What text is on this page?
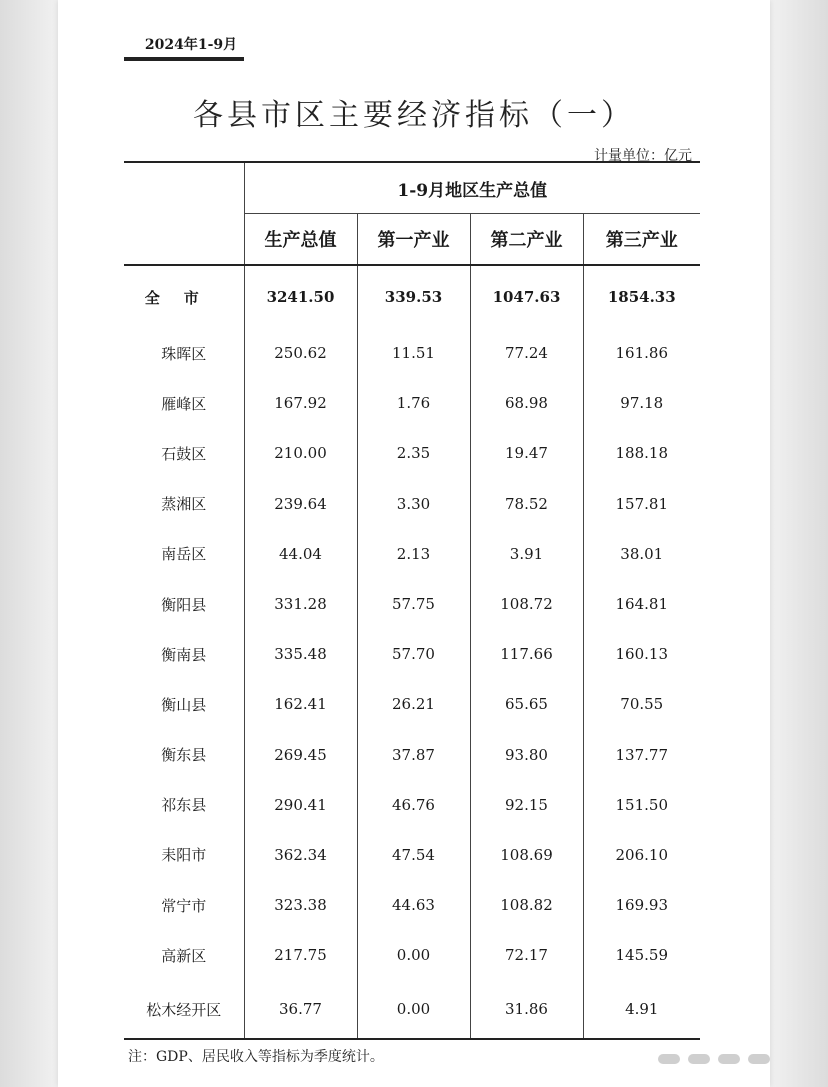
2024年1-9月
各县市区主要经济指标（一）
计量单位：亿元
	1-9月地区生产总值			
	生产总值	第一产业	第二产业	第三产业
全市	3241.50	339.53	1047.63	1854.33
珠晖区	250.62	11.51	77.24	161.86
雁峰区	167.92	1.76	68.98	97.18
石鼓区	210.00	2.35	19.47	188.18
蒸湘区	239.64	3.30	78.52	157.81
南岳区	44.04	2.13	3.91	38.01
衡阳县	331.28	57.75	108.72	164.81
衡南县	335.48	57.70	117.66	160.13
衡山县	162.41	26.21	65.65	70.55
衡东县	269.45	37.87	93.80	137.77
祁东县	290.41	46.76	92.15	151.50
耒阳市	362.34	47.54	108.69	206.10
常宁市	323.38	44.63	108.82	169.93
高新区	217.75	0.00	72.17	145.59
松木经开区	36.77	0.00	31.86	4.91
注：GDP、居民收入等指标为季度统计。
